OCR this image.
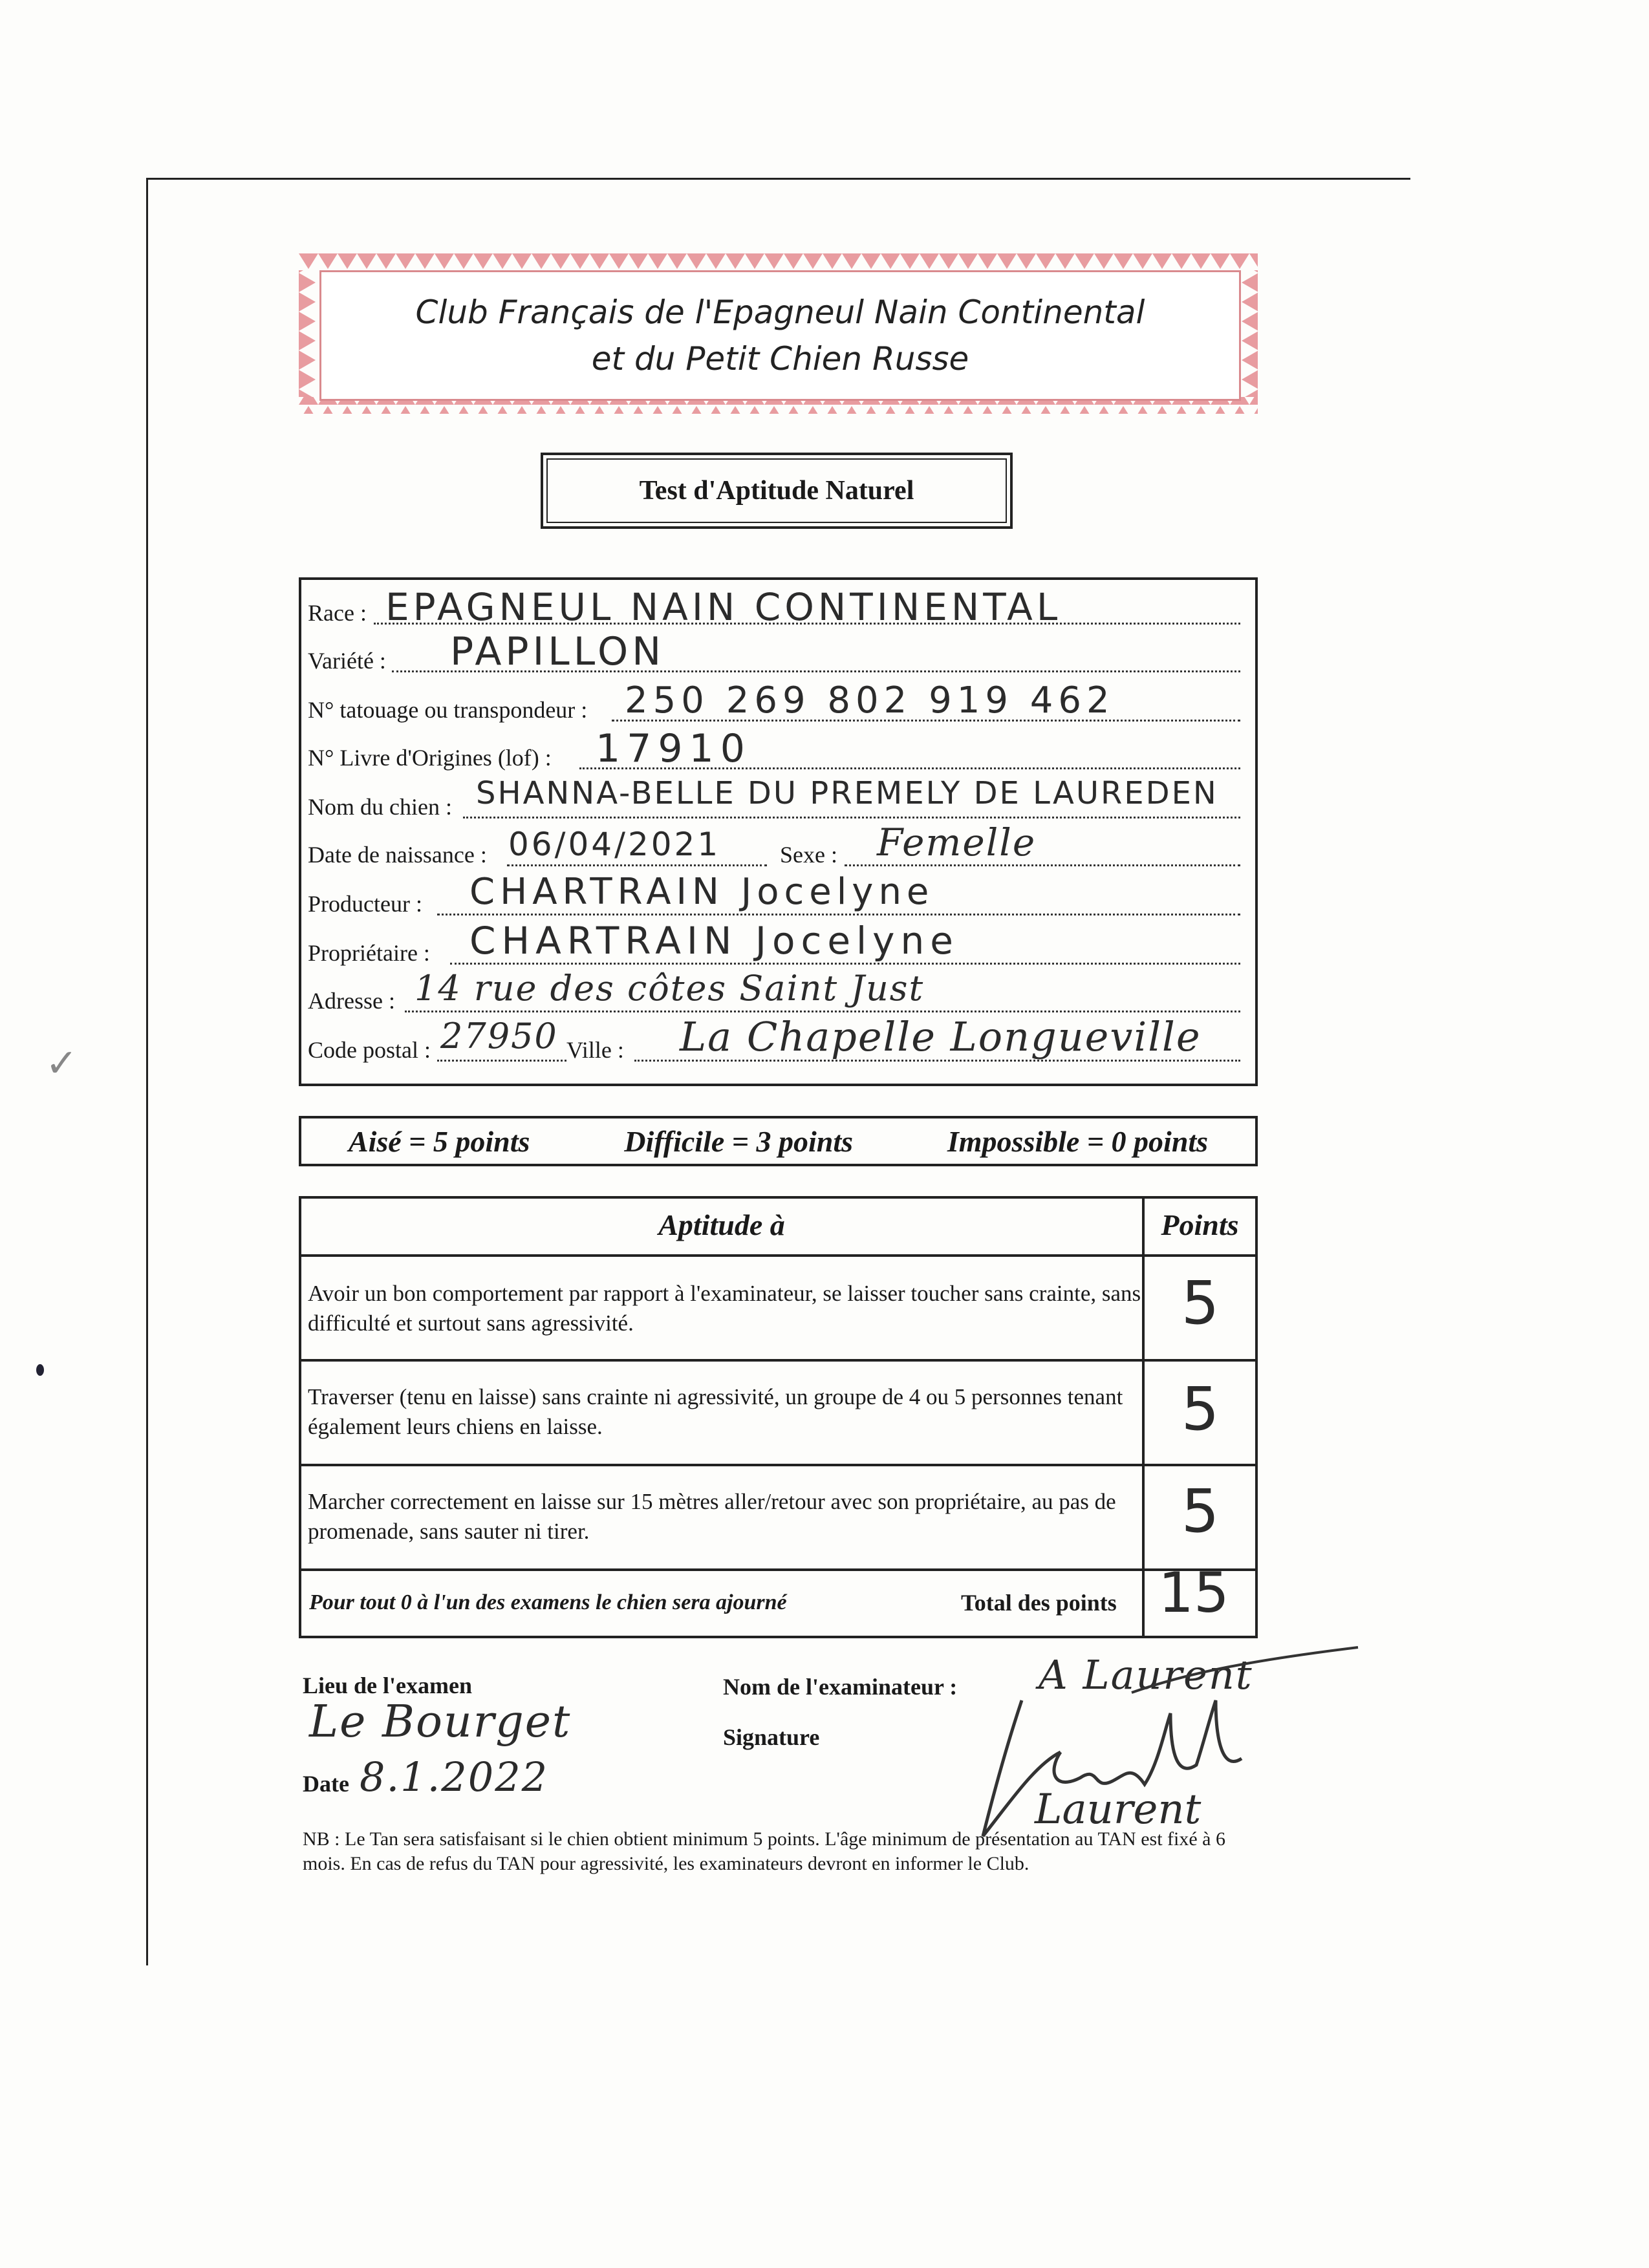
Club Français de l'Epagneul Nain Continental
et du Petit Chien Russe
Test d'Aptitude Naturel
Race : EPAGNEUL NAIN CONTINENTAL
Variété : PAPILLON
N° tatouage ou transpondeur : 250 269 802 919 462
N° Livre d'Origines (lof) : 17910
Nom du chien : SHANNA-BELLE DU PREMELY DE LAUREDEN
Date de naissance : 06/04/2021	Sexe : Femelle
Producteur : CHARTRAIN Jocelyne
Propriétaire : CHARTRAIN Jocelyne
Adresse : 14 rue des côtes Saint Just
Code postal : 27950 Ville : La Chapelle Longueville
Aisé = 5 points	Difficile = 3 points	Impossible = 0 points
Aptitude à	Points
Avoir un bon comportement par rapport à l'examinateur, se laisser toucher sans crainte, sans difficulté et surtout sans agressivité.	5
Traverser (tenu en laisse) sans crainte ni agressivité, un groupe de 4 ou 5 personnes tenant également leurs chiens en laisse.	5
Marcher correctement en laisse sur 15 mètres aller/retour avec son propriétaire, au pas de promenade, sans sauter ni tirer.	5
Pour tout 0 à l'un des examens le chien sera ajourné	Total des points 15
Lieu de l'examen
Le Bourget
Date 8.1.2022
Nom de l'examinateur : A Laurent
Signature
Laurent
NB : Le Tan sera satisfaisant si le chien obtient minimum 5 points. L'âge minimum de présentation au TAN est fixé à 6 mois. En cas de refus du TAN pour agressivité, les examinateurs devront en informer le Club.
✓
